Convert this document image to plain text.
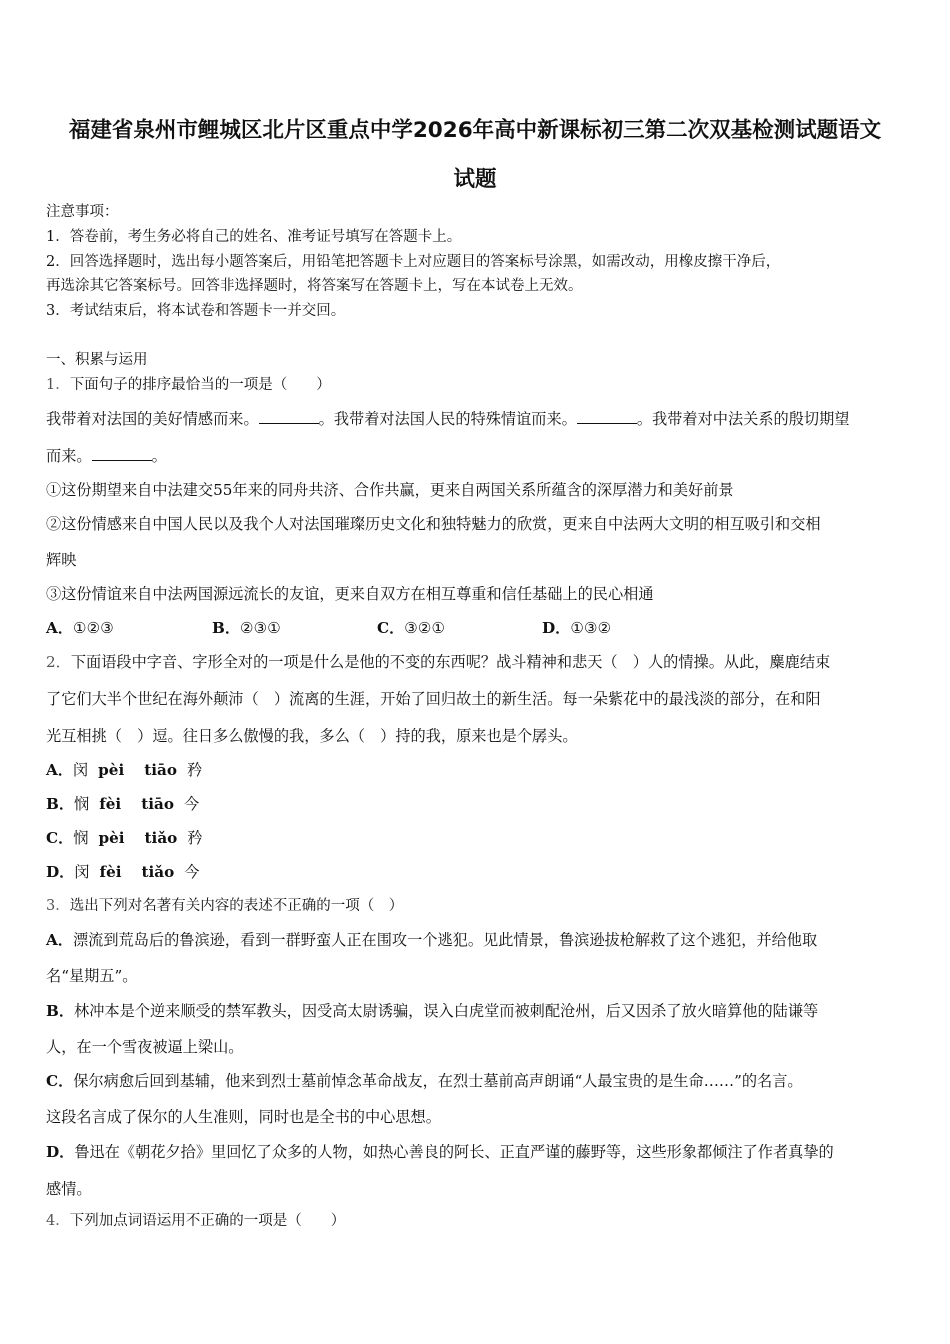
福建省泉州市鲤城区北片区重点中学2026年高中新课标初三第二次双基检测试题语文
试题
注意事项：
1．答卷前，考生务必将自己的姓名、准考证号填写在答题卡上。
2．回答选择题时，选出每小题答案后，用铅笔把答题卡上对应题目的答案标号涂黑，如需改动，用橡皮擦干净后，
再选涂其它答案标号。回答非选择题时，将答案写在答题卡上，写在本试卷上无效。
3．考试结束后，将本试卷和答题卡一并交回。
一、积累与运用
1．下面句子的排序最恰当的一项是（　　）
我带着对法国的美好情感而来。	。我带着对法国人民的特殊情谊而来。	。我带着对中法关系的殷切期望
而来。	。
①这份期望来自中法建交55年来的同舟共济、合作共赢，更来自两国关系所蕴含的深厚潜力和美好前景
②这份情感来自中国人民以及我个人对法国璀璨历史文化和独特魅力的欣赏，更来自中法两大文明的相互吸引和交相
辉映
③这份情谊来自中法两国源远流长的友谊，更来自双方在相互尊重和信任基础上的民心相通
A．①②③	B．②③①	C．③②①	D．①③②
2．下面语段中字音、字形全对的一项是什么是他的不变的东西呢？战斗精神和悲天（　）人的情操。从此，麋鹿结束
了它们大半个世纪在海外颠沛（　）流离的生涯，开始了回归故土的新生活。每一朵紫花中的最浅淡的部分，在和阳
光互相挑（　）逗。往日多么傲慢的我，多么（　）持的我，原来也是个孱头。
A．闵 pèi tiāo 矜
B．悯 fèi tiāo 今
C．悯 pèi tiǎo 矜
D．闵 fèi tiǎo 今
3．选出下列对名著有关内容的表述不正确的一项（　）
A．漂流到荒岛后的鲁滨逊，看到一群野蛮人正在围攻一个逃犯。见此情景，鲁滨逊拔枪解救了这个逃犯，并给他取
名“星期五”。
B．林冲本是个逆来顺受的禁军教头，因受高太尉诱骗，误入白虎堂而被刺配沧州，后又因杀了放火暗算他的陆谦等
人，在一个雪夜被逼上梁山。
C．保尔病愈后回到基辅，他来到烈士墓前悼念革命战友，在烈士墓前高声朗诵“人最宝贵的是生命……”的名言。
这段名言成了保尔的人生准则，同时也是全书的中心思想。
D．鲁迅在《朝花夕拾》里回忆了众多的人物，如热心善良的阿长、正直严谨的藤野等，这些形象都倾注了作者真挚的
感情。
4．下列加点词语运用不正确的一项是（　　）
